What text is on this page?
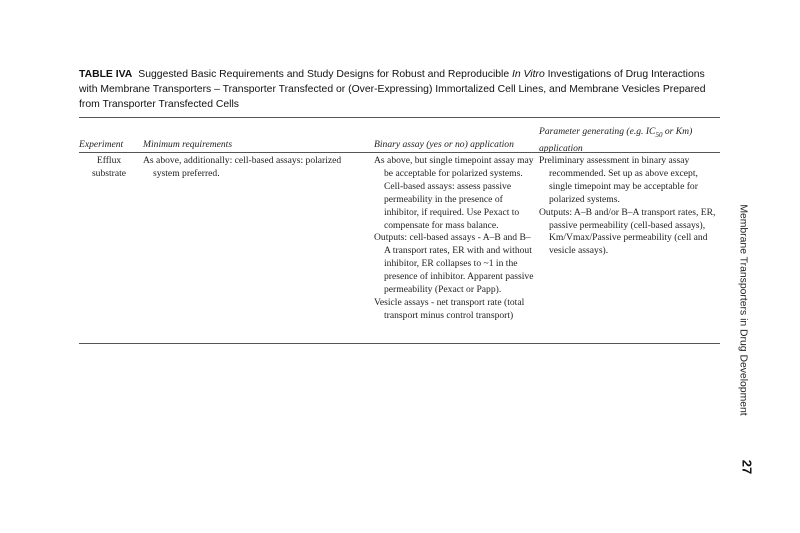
TABLE IVA Suggested Basic Requirements and Study Designs for Robust and Reproducible In Vitro Investigations of Drug Interactions with Membrane Transporters – Transporter Transfected or (Over-Expressing) Immortalized Cell Lines, and Membrane Vesicles Prepared from Transporter Transfected Cells
Experiment Minimum requirements	Binary assay (yes or no) application
Parameter generating (e.g. $IC_{50}$ or Km)
application
Efflux
substrate

As above, additionally: cell-based assays: polarized system preferred.

As above, but single timepoint assay may be acceptable for polarized systems. Cell-based assays: assess passive permeability in the presence of inhibitor, if required. Use Pexact to compensate for mass balance.

Outputs: cell-based assays - A–B and B–A transport rates, ER with and without inhibitor, ER collapses to ~1 in the presence of inhibitor. Apparent passive permeability (Pexact or Papp).

Vesicle assays - net transport rate (total transport minus control transport)

Preliminary assessment in binary assay recommended. Set up as above except, single timepoint may be acceptable for polarized systems.

Outputs: A–B and/or B–A transport rates, ER, passive permeability (cell-based assays), Km/Vmax/Passive permeability (cell and vesicle assays).	Membrane Transporters in Drug Development
27
